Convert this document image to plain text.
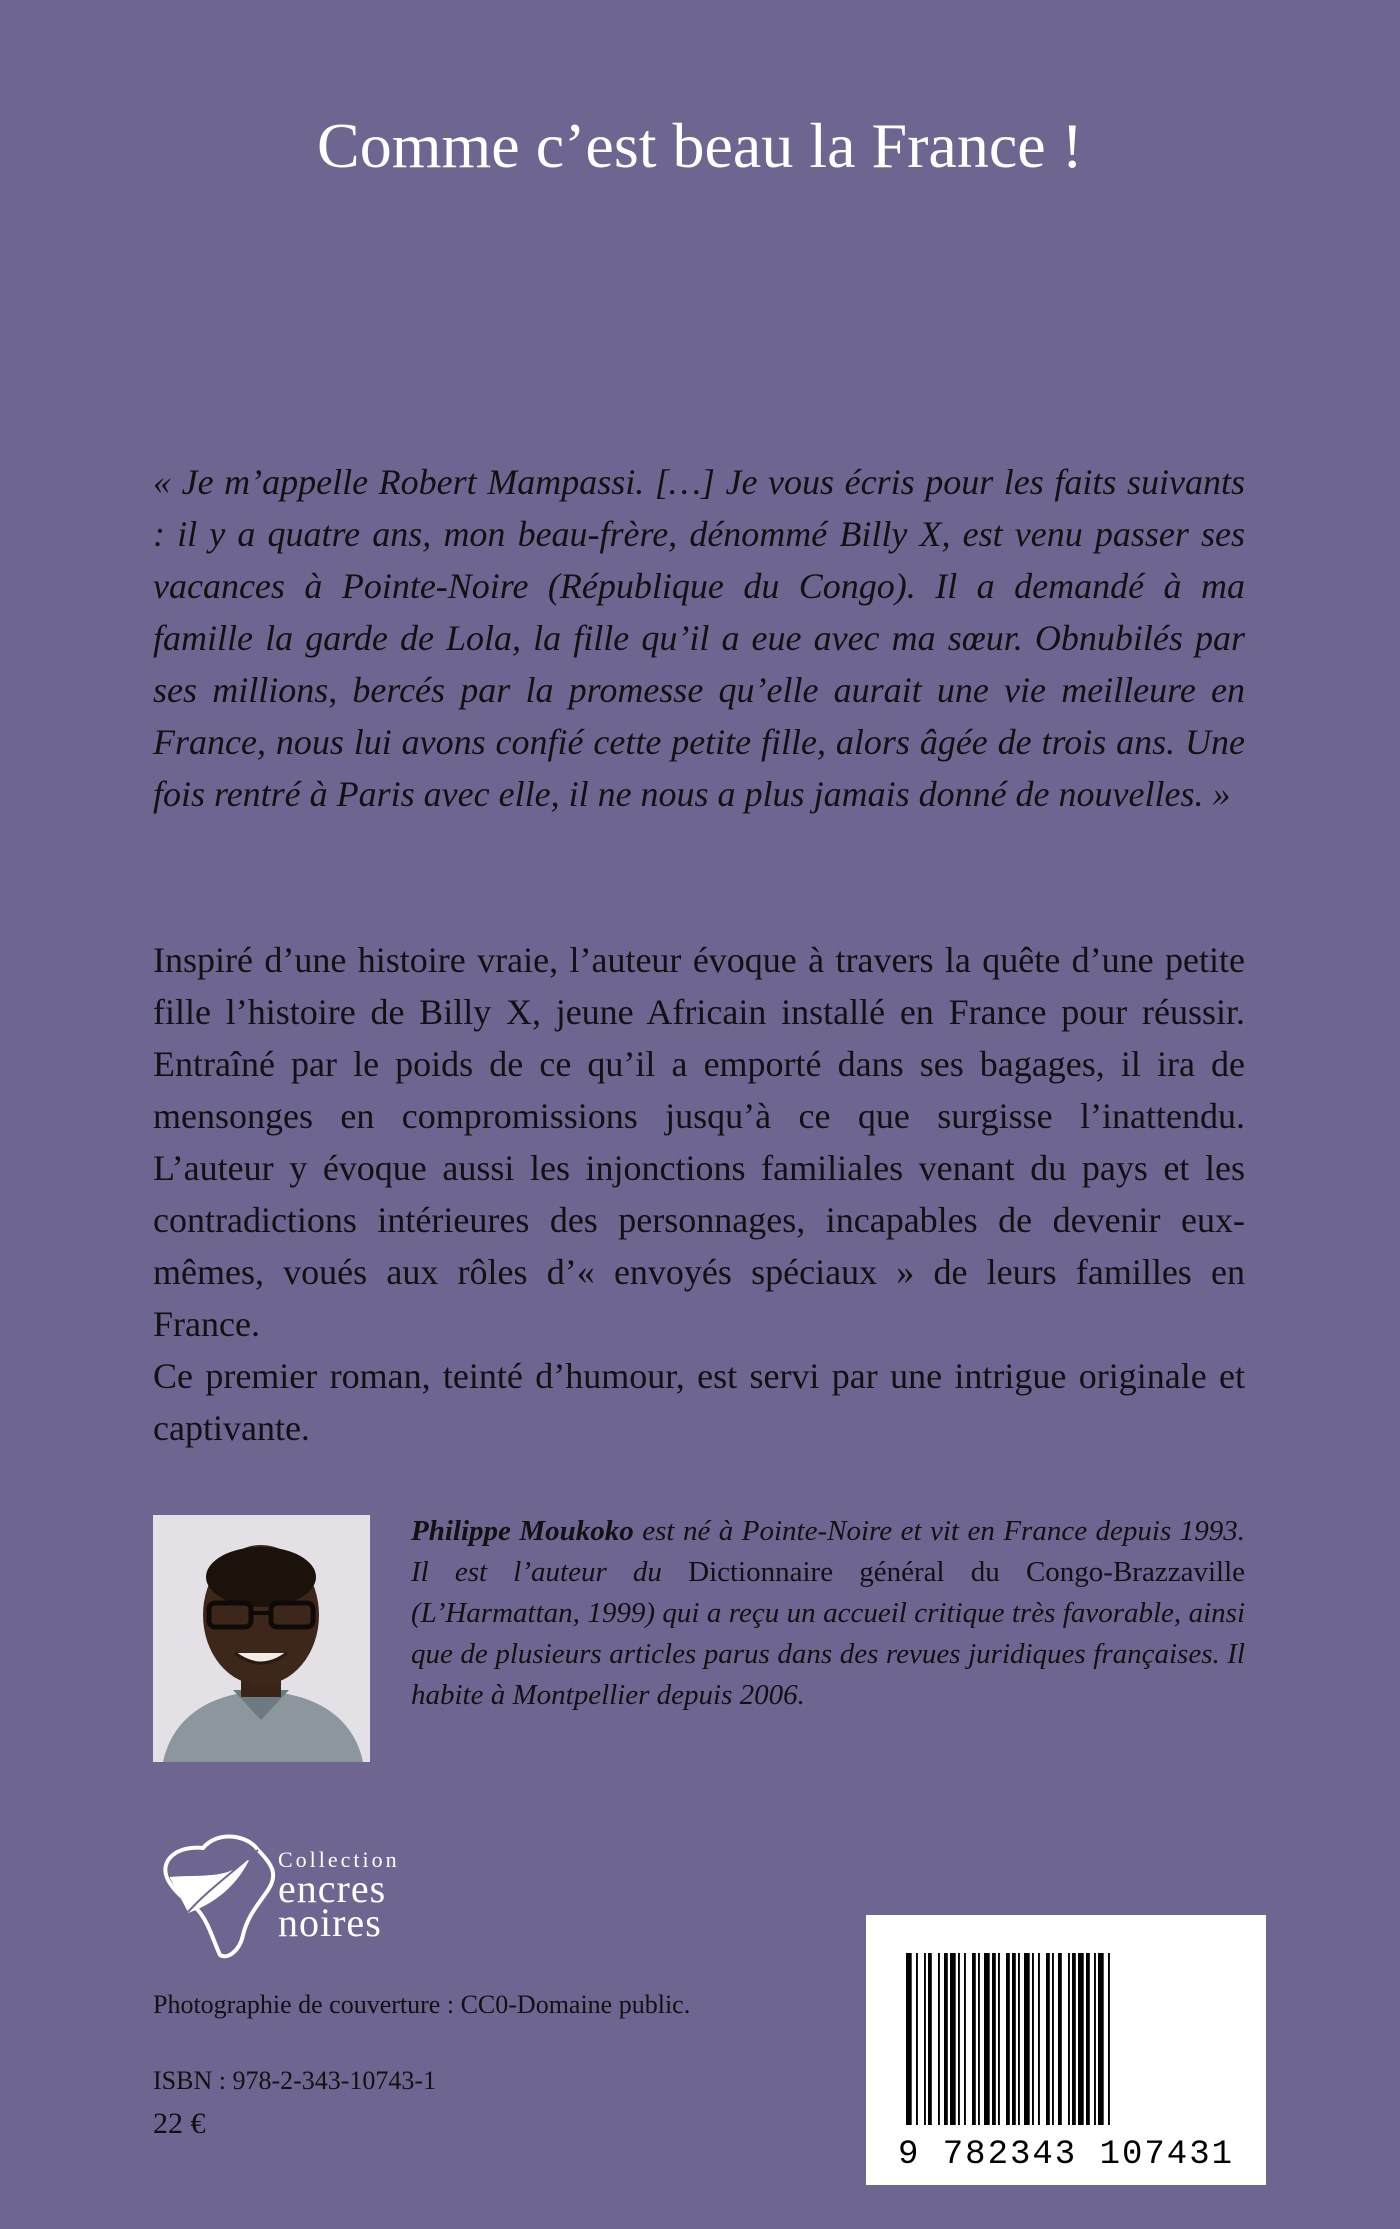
Comme c’est beau la France !

« Je m’appelle Robert Mampassi. […] Je vous écris pour les faits suivants : il y a quatre ans, mon beau-frère, dénommé Billy X, est venu passer ses vacances à Pointe-Noire (République du Congo). Il a demandé à ma famille la garde de Lola, la fille qu’il a eue avec ma sœur. Obnubilés par ses millions, bercés par la promesse qu’elle aurait une vie meilleure en France, nous lui avons confié cette petite fille, alors âgée de trois ans. Une fois rentré à Paris avec elle, il ne nous a plus jamais donné de nouvelles. »

Inspiré d’une histoire vraie, l’auteur évoque à travers la quête d’une petite fille l’histoire de Billy X, jeune Africain installé en France pour réussir. Entraîné par le poids de ce qu’il a emporté dans ses bagages, il ira de mensonges en compromissions jusqu’à ce que surgisse l’inattendu. L’auteur y évoque aussi les injonctions familiales venant du pays et les contradictions intérieures des personnages, incapables de devenir eux-mêmes, voués aux rôles d’« envoyés spéciaux » de leurs familles en France.

Ce premier roman, teinté d’humour, est servi par une intrigue originale et captivante.

Philippe Moukoko est né à Pointe-Noire et vit en France depuis 1993. Il est l’auteur du Dictionnaire général du Congo-Brazzaville (L’Harmattan, 1999) qui a reçu un accueil critique très favorable, ainsi que de plusieurs articles parus dans des revues juridiques françaises. Il habite à Montpellier depuis 2006.

Collection
encres
noires
Photographie de couverture : CC0-Domaine public.
ISBN : 978-2-343-10743-1
22 €
9 782343 107431
